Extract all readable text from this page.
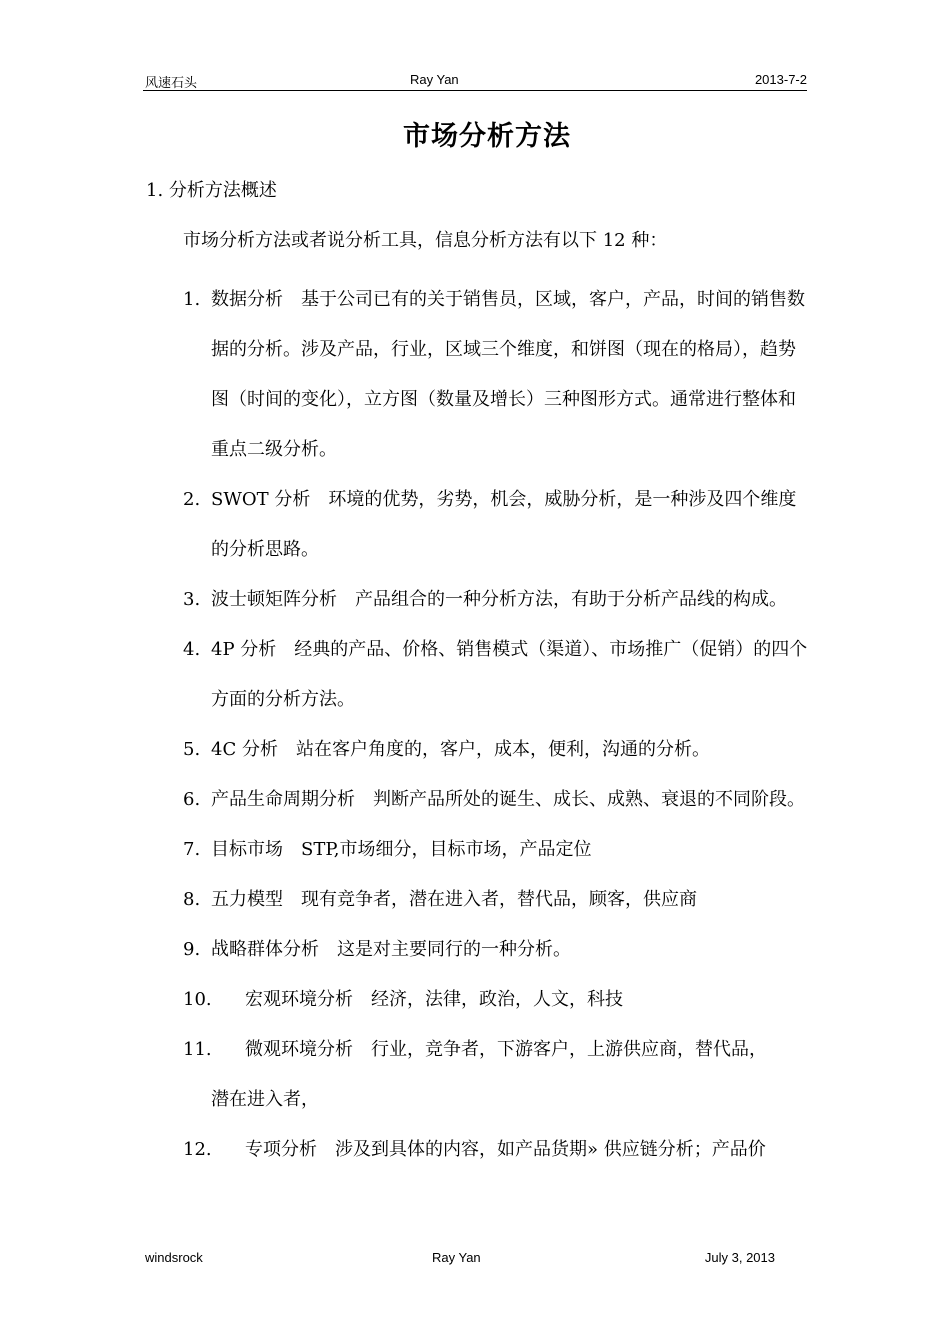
风速石头	Ray Yan	2013-7-2
市场分析方法
1. 分析方法概述
市场分析方法或者说分析工具，信息分析方法有以下 12 种：
1. 数据分析 基于公司已有的关于销售员，区域，客户，产品，时间的销售数据的分析。涉及产品，行业，区域三个维度，和饼图（现在的格局），趋势图（时间的变化），立方图（数量及增长）三种图形方式。通常进行整体和重点二级分析。
2. SWOT 分析 环境的优势，劣势，机会，威胁分析，是一种涉及四个维度的分析思路。
3. 波士顿矩阵分析 产品组合的一种分析方法，有助于分析产品线的构成。
4. 4P 分析 经典的产品、价格、销售模式（渠道）、市场推广（促销）的四个方面的分析方法。
5. 4C 分析 站在客户角度的，客户，成本，便利，沟通的分析。
6. 产品生命周期分析 判断产品所处的诞生、成长、成熟、衰退的不同阶段。
7. 目标市场 STP,市场细分，目标市场，产品定位
8. 五力模型 现有竞争者，潜在进入者，替代品，顾客，供应商
9. 战略群体分析 这是对主要同行的一种分析。
10. 宏观环境分析 经济，法律，政治，人文，科技
11. 微观环境分析 行业，竞争者，下游客户，上游供应商，替代品，
潜在进入者，
12. 专项分析 涉及到具体的内容，如产品货期» 供应链分析；产品价
windsrock	Ray Yan	July 3, 2013
